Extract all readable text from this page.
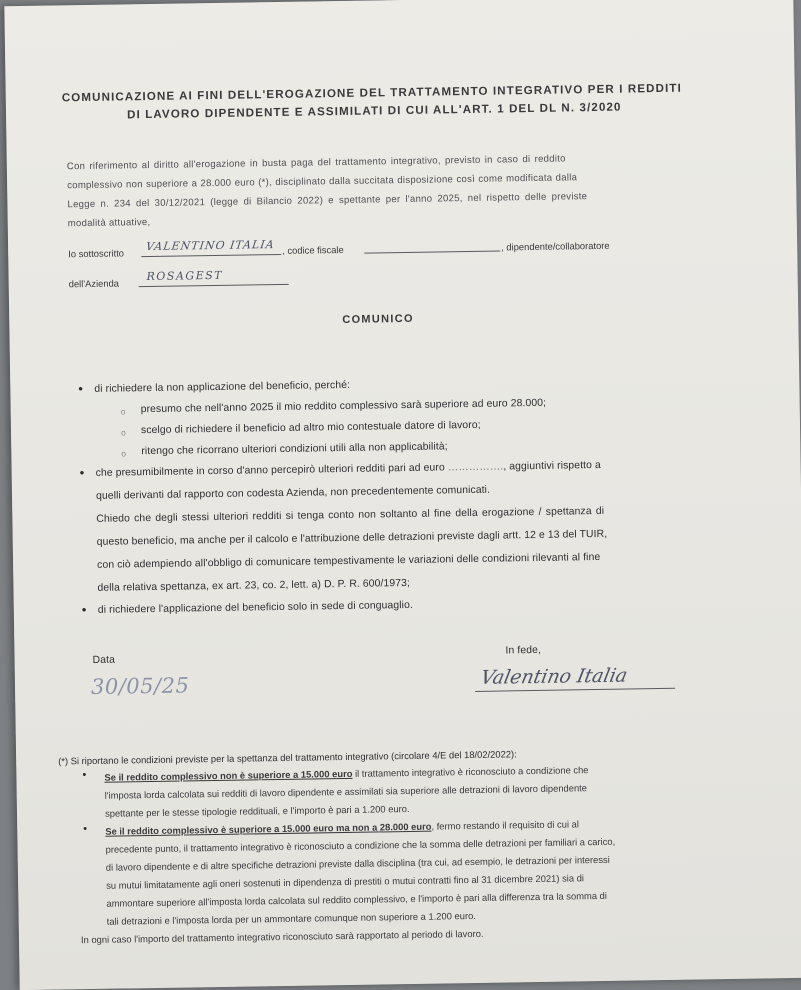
COMUNICAZIONE AI FINI DELL'EROGAZIONE DEL TRATTAMENTO INTEGRATIVO PER I REDDITI
DI LAVORO DIPENDENTE E ASSIMILATI DI CUI ALL'ART. 1 DEL DL N. 3/2020
Con riferimento al diritto all'erogazione in busta paga del trattamento integrativo, previsto in caso di reddito
complessivo non superiore a 28.000 euro (*), disciplinato dalla succitata disposizione così come modificata dalla
Legge n. 234 del 30/12/2021 (legge di Bilancio 2022) e spettante per l'anno 2025, nel rispetto delle previste
modalità attuative,
Io sottoscritto
VALENTINO ITALIA , codice fiscale	, dipendente/collaboratore
dell'Azienda
ROSAGEST
COMUNICO
• di richiedere la non applicazione del beneficio, perché:
o presumo che nell'anno 2025 il mio reddito complessivo sarà superiore ad euro 28.000;
o scelgo di richiedere il beneficio ad altro mio contestuale datore di lavoro;
o ritengo che ricorrano ulteriori condizioni utili alla non applicabilità;
• che presumibilmente in corso d'anno percepirò ulteriori redditi pari ad euro ……………., aggiuntivi rispetto a
quelli derivanti dal rapporto con codesta Azienda, non precedentemente comunicati.
Chiedo che degli stessi ulteriori redditi si tenga conto non soltanto al fine della erogazione / spettanza di
questo beneficio, ma anche per il calcolo e l'attribuzione delle detrazioni previste dagli artt. 12 e 13 del TUIR,
con ciò adempiendo all'obbligo di comunicare tempestivamente le variazioni delle condizioni rilevanti al fine
della relativa spettanza, ex art. 23, co. 2, lett. a) D. P. R. 600/1973;
• di richiedere l'applicazione del beneficio solo in sede di conguaglio.
Data
30/05/25
In fede,
Valentino Italia
(*) Si riportano le condizioni previste per la spettanza del trattamento integrativo (circolare 4/E del 18/02/2022):
• Se il reddito complessivo non è superiore a 15.000 euro il trattamento integrativo è riconosciuto a condizione che
l'imposta lorda calcolata sui redditi di lavoro dipendente e assimilati sia superiore alle detrazioni di lavoro dipendente
spettante per le stesse tipologie reddituali, e l'importo è pari a 1.200 euro.
• Se il reddito complessivo è superiore a 15.000 euro ma non a 28.000 euro, fermo restando il requisito di cui al
precedente punto, il trattamento integrativo è riconosciuto a condizione che la somma delle detrazioni per familiari a carico,
di lavoro dipendente e di altre specifiche detrazioni previste dalla disciplina (tra cui, ad esempio, le detrazioni per interessi
su mutui limitatamente agli oneri sostenuti in dipendenza di prestiti o mutui contratti fino al 31 dicembre 2021) sia di
ammontare superiore all'imposta lorda calcolata sul reddito complessivo, e l'importo è pari alla differenza tra la somma di
tali detrazioni e l'imposta lorda per un ammontare comunque non superiore a 1.200 euro.
In ogni caso l'importo del trattamento integrativo riconosciuto sarà rapportato al periodo di lavoro.
